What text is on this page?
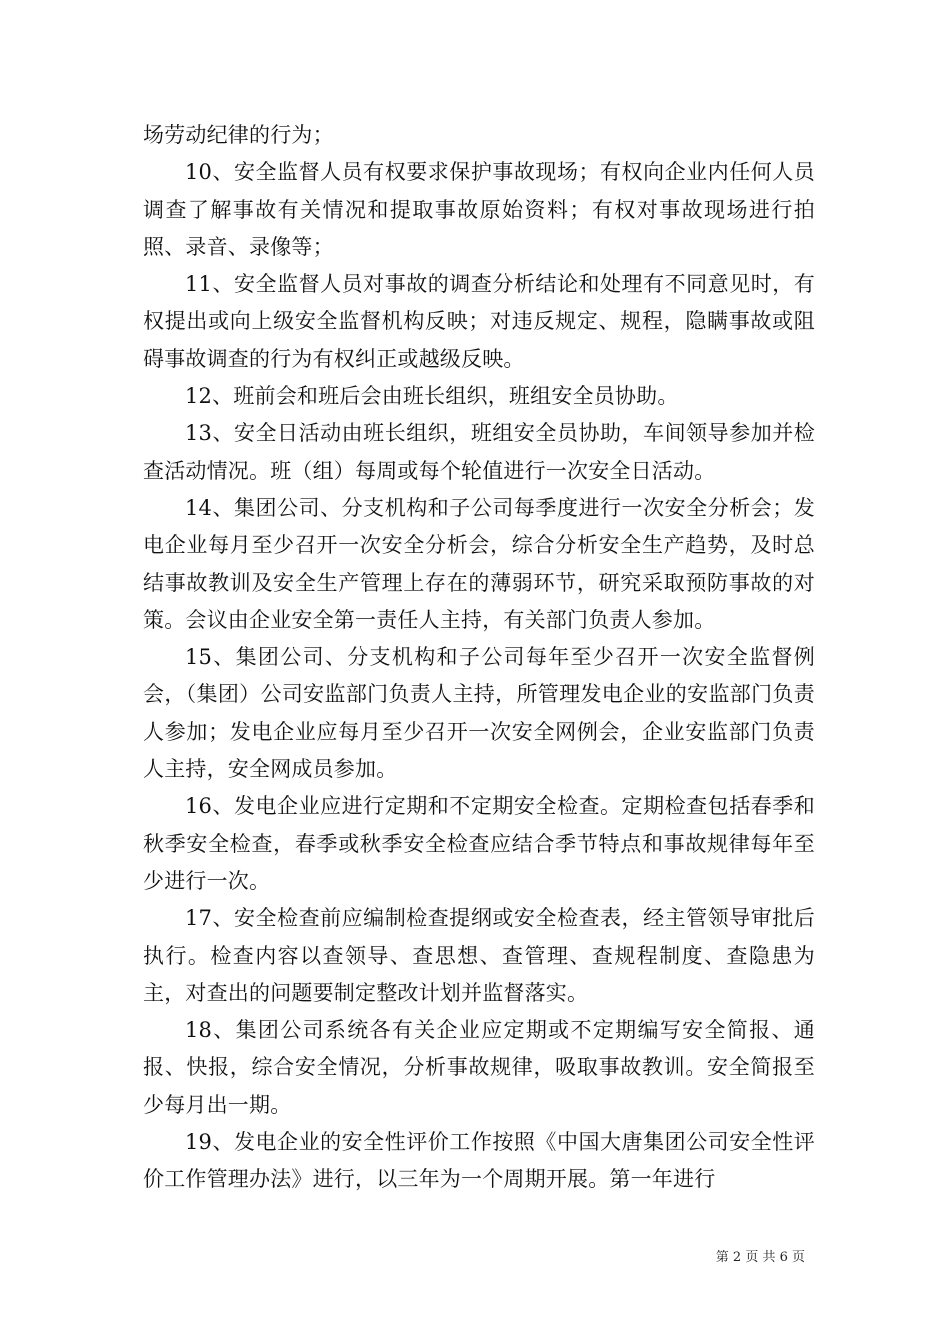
场劳动纪律的行为；

10、安全监督人员有权要求保护事故现场；有权向企业内任何人员调查了解事故有关情况和提取事故原始资料；有权对事故现场进行拍照、录音、录像等；

11、安全监督人员对事故的调查分析结论和处理有不同意见时，有权提出或向上级安全监督机构反映；对违反规定、规程，隐瞒事故或阻碍事故调查的行为有权纠正或越级反映。

12、班前会和班后会由班长组织，班组安全员协助。

13、安全日活动由班长组织，班组安全员协助，车间领导参加并检查活动情况。班（组）每周或每个轮值进行一次安全日活动。

14、集团公司、分支机构和子公司每季度进行一次安全分析会；发电企业每月至少召开一次安全分析会，综合分析安全生产趋势，及时总结事故教训及安全生产管理上存在的薄弱环节，研究采取预防事故的对策。会议由企业安全第一责任人主持，有关部门负责人参加。

15、集团公司、分支机构和子公司每年至少召开一次安全监督例会，（集团）公司安监部门负责人主持，所管理发电企业的安监部门负责人参加；发电企业应每月至少召开一次安全网例会，企业安监部门负责人主持，安全网成员参加。

16、发电企业应进行定期和不定期安全检查。定期检查包括春季和秋季安全检查，春季或秋季安全检查应结合季节特点和事故规律每年至少进行一次。

17、安全检查前应编制检查提纲或安全检查表，经主管领导审批后执行。检查内容以查领导、查思想、查管理、查规程制度、查隐患为主，对查出的问题要制定整改计划并监督落实。

18、集团公司系统各有关企业应定期或不定期编写安全简报、通报、快报，综合安全情况，分析事故规律，吸取事故教训。安全简报至少每月出一期。

19、发电企业的安全性评价工作按照《中国大唐集团公司安全性评价工作管理办法》进行，以三年为一个周期开展。第一年进行

第 2 页 共 6 页
